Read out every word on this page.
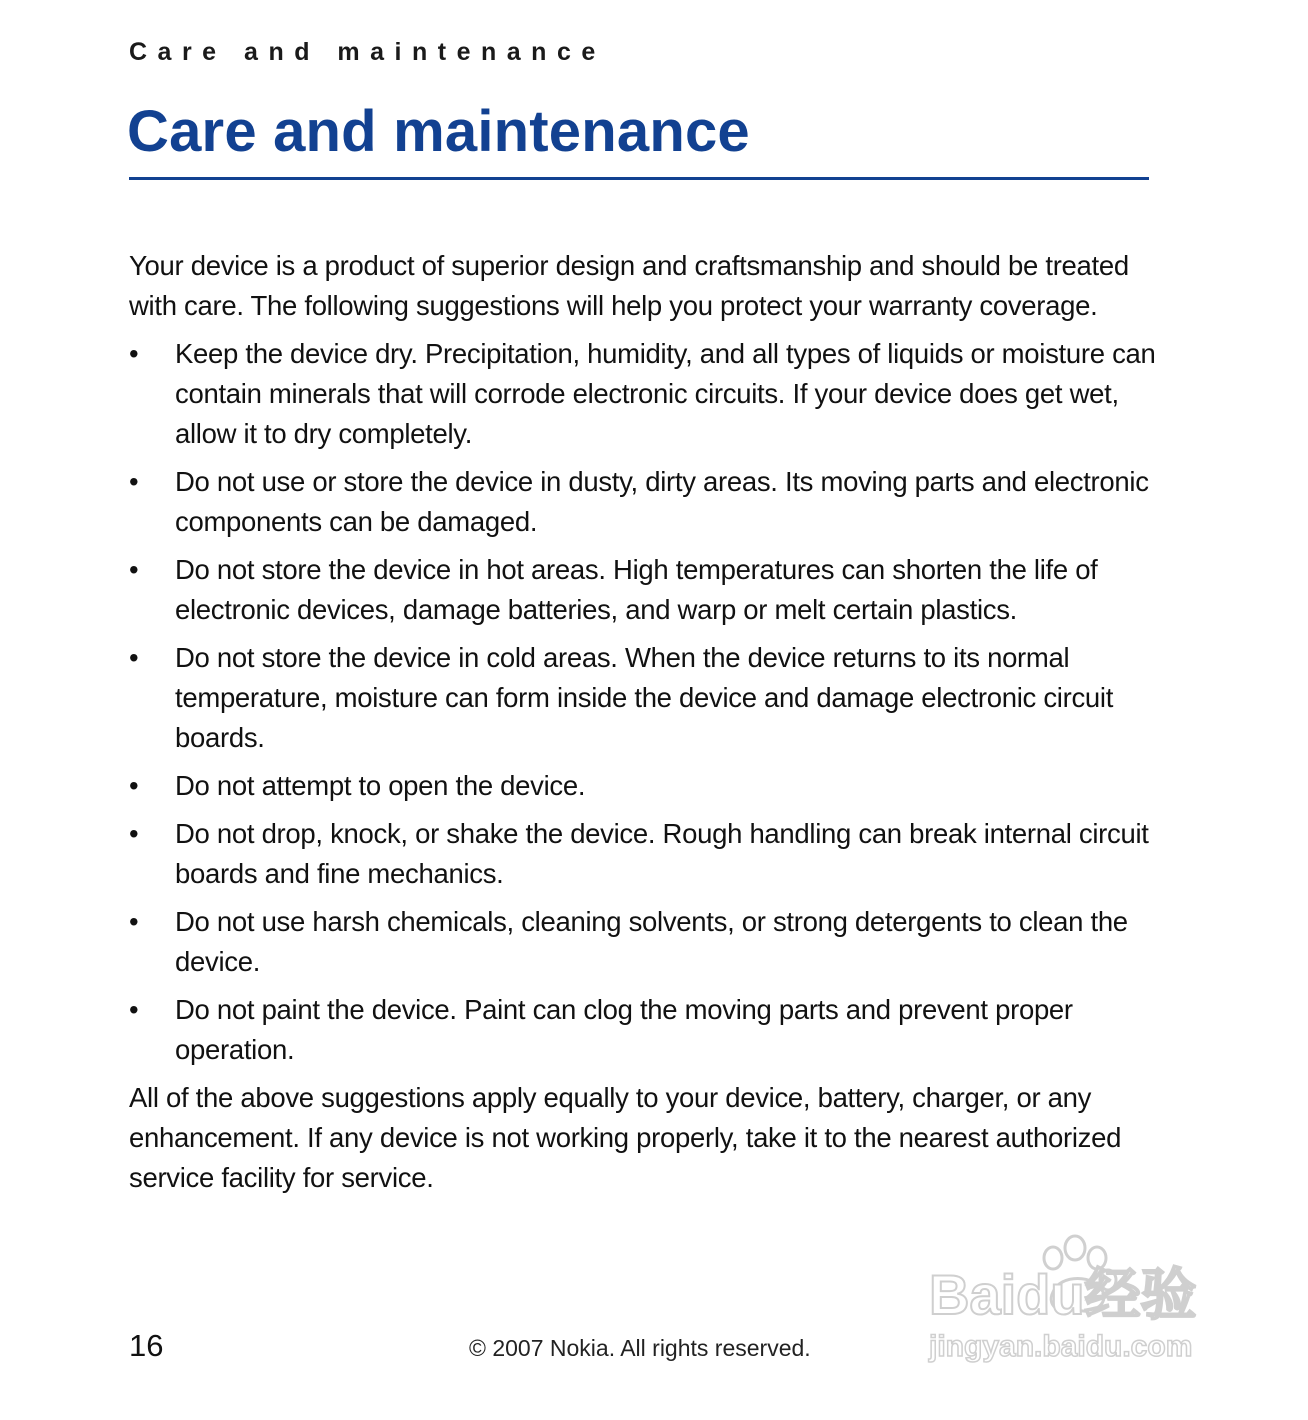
Care and maintenance
Care and maintenance

Your device is a product of superior design and craftsmanship and should be treated with care. The following suggestions will help you protect your warranty coverage.

• Keep the device dry. Precipitation, humidity, and all types of liquids or moisture can contain minerals that will corrode electronic circuits. If your device does get wet, allow it to dry completely.
• Do not use or store the device in dusty, dirty areas. Its moving parts and electronic components can be damaged.
• Do not store the device in hot areas. High temperatures can shorten the life of electronic devices, damage batteries, and warp or melt certain plastics.
• Do not store the device in cold areas. When the device returns to its normal temperature, moisture can form inside the device and damage electronic circuit boards.
• Do not attempt to open the device.
• Do not drop, knock, or shake the device. Rough handling can break internal circuit boards and fine mechanics.
• Do not use harsh chemicals, cleaning solvents, or strong detergents to clean the device.
• Do not paint the device. Paint can clog the moving parts and prevent proper operation.

All of the above suggestions apply equally to your device, battery, charger, or any enhancement. If any device is not working properly, take it to the nearest authorized service facility for service.

16	© 2007 Nokia. All rights reserved.
Baidu经验
jingyan.baidu.com
